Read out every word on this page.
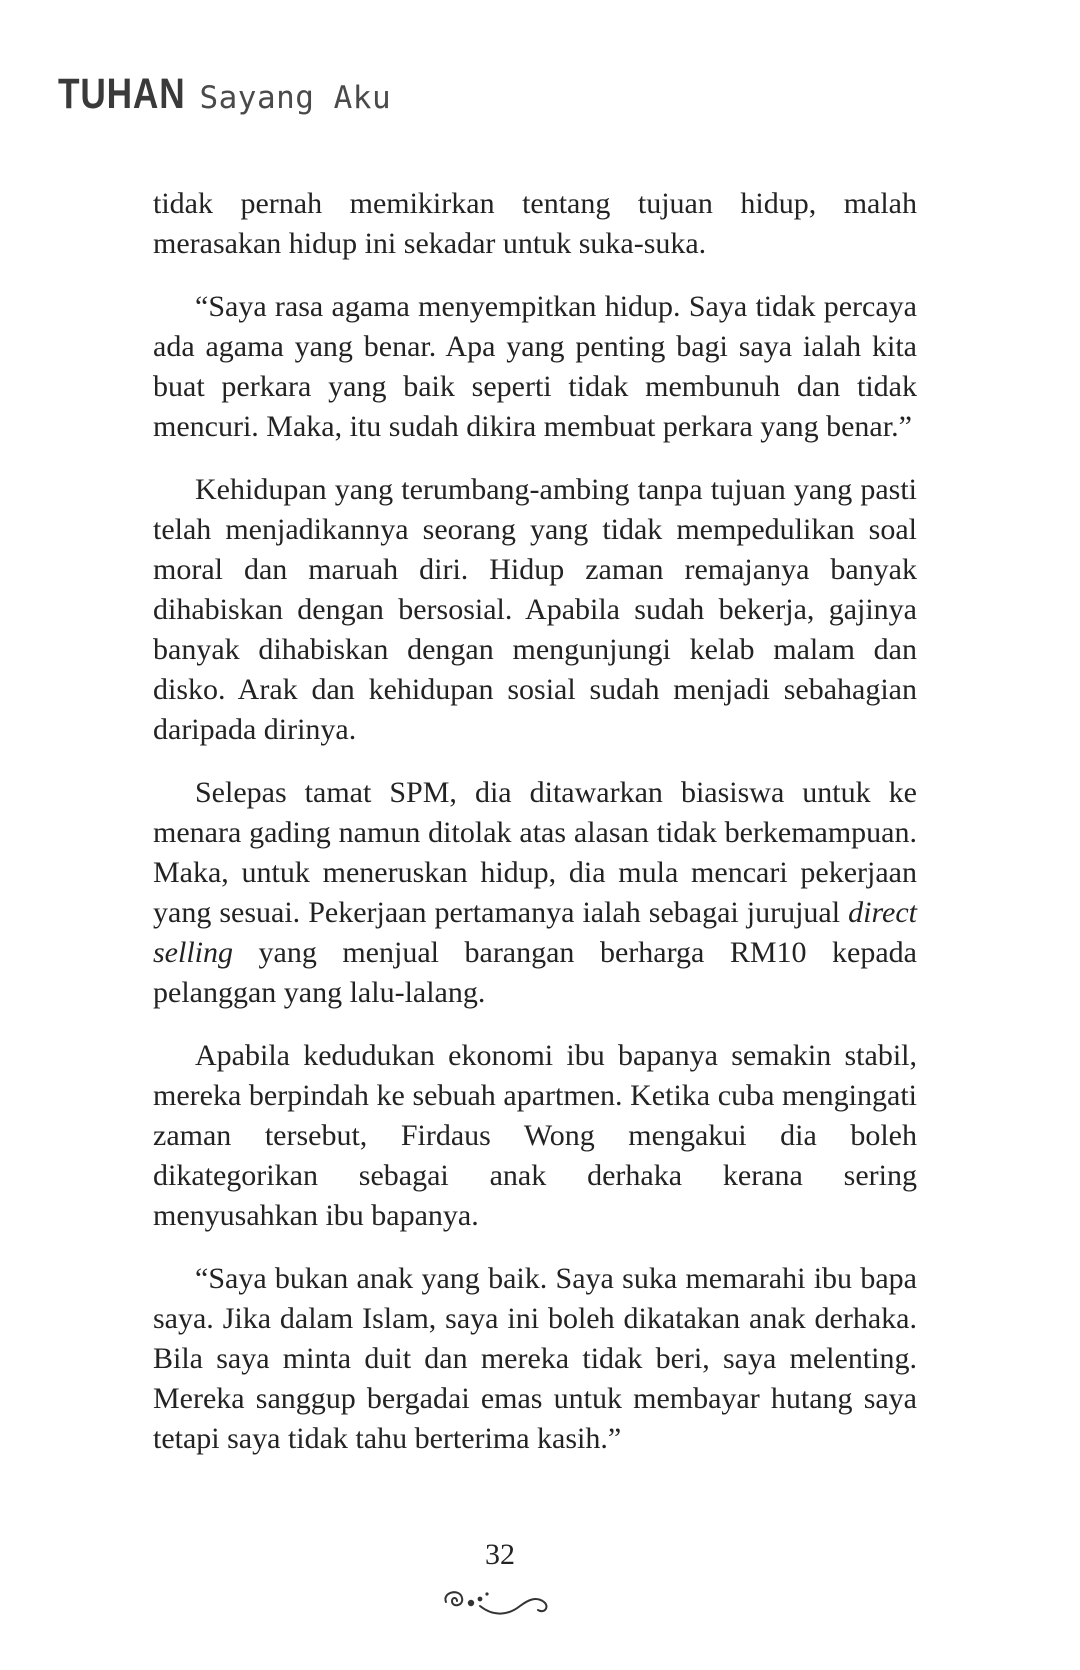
TUHAN Sayang Aku

tidak pernah memikirkan tentang tujuan hidup, malah merasakan hidup ini sekadar untuk suka-suka.

“Saya rasa agama menyempitkan hidup. Saya tidak percaya ada agama yang benar. Apa yang penting bagi saya ialah kita buat perkara yang baik seperti tidak membunuh dan tidak mencuri. Maka, itu sudah dikira membuat perkara yang benar.”

Kehidupan yang terumbang-ambing tanpa tujuan yang pasti telah menjadikannya seorang yang tidak mempedulikan soal moral dan maruah diri. Hidup zaman remajanya banyak dihabiskan dengan bersosial. Apabila sudah bekerja, gajinya banyak dihabiskan dengan mengunjungi kelab malam dan disko. Arak dan kehidupan sosial sudah menjadi sebahagian daripada dirinya.

Selepas tamat SPM, dia ditawarkan biasiswa untuk ke menara gading namun ditolak atas alasan tidak berkemampuan. Maka, untuk meneruskan hidup, dia mula mencari pekerjaan yang sesuai. Pekerjaan pertamanya ialah sebagai jurujual direct selling yang menjual barangan berharga RM10 kepada pelanggan yang lalu-lalang.

Apabila kedudukan ekonomi ibu bapanya semakin stabil, mereka berpindah ke sebuah apartmen. Ketika cuba mengingati zaman tersebut, Firdaus Wong mengakui dia boleh dikategorikan sebagai anak derhaka kerana sering menyusahkan ibu bapanya.

“Saya bukan anak yang baik. Saya suka memarahi ibu bapa saya. Jika dalam Islam, saya ini boleh dikatakan anak derhaka. Bila saya minta duit dan mereka tidak beri, saya melenting. Mereka sanggup bergadai emas untuk membayar hutang saya tetapi saya tidak tahu berterima kasih.”

32
